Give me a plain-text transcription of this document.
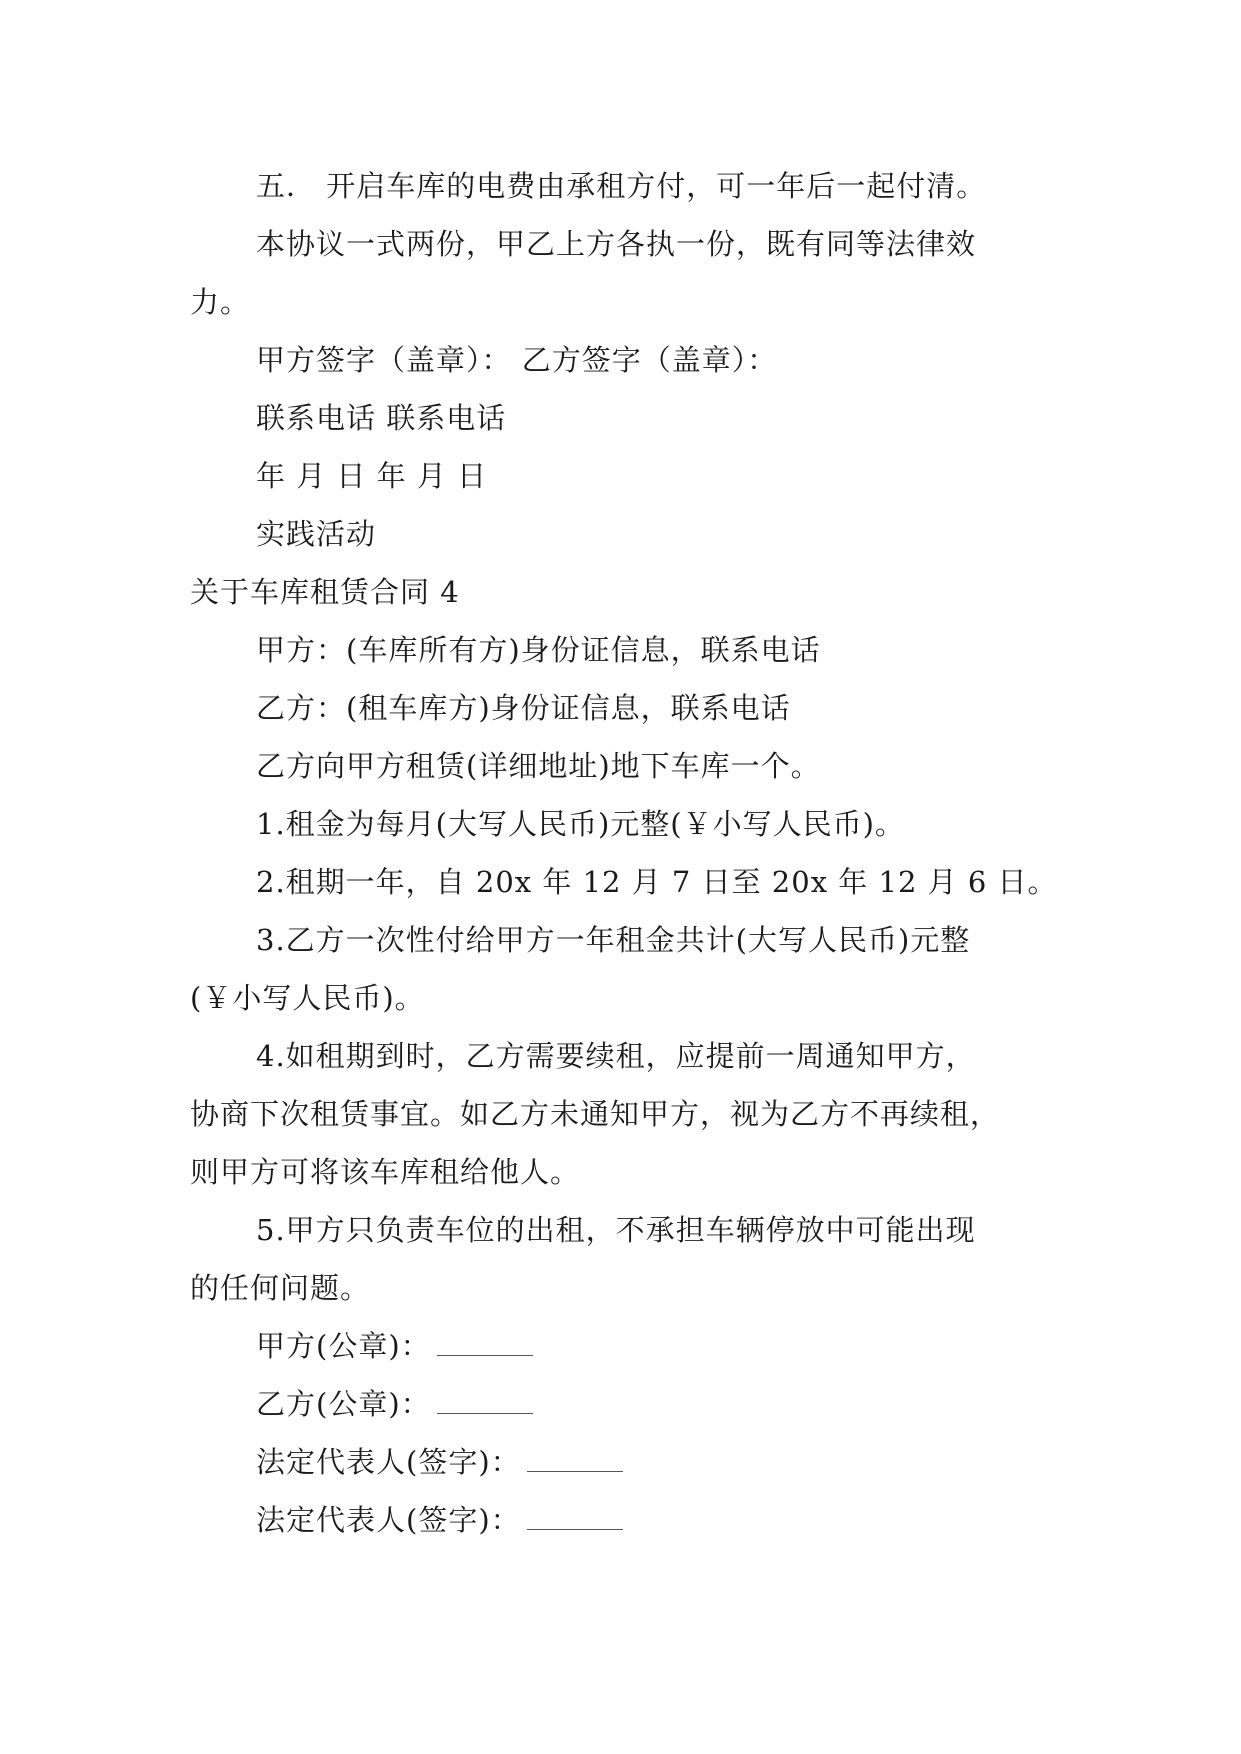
五． 开启车库的电费由承租方付，可一年后一起付清。
本协议一式两份，甲乙上方各执一份，既有同等法律效
力。
甲方签字（盖章）： 乙方签字（盖章）：
联系电话 联系电话
年 月 日 年 月 日
实践活动
关于车库租赁合同 4
甲方：(车库所有方)身份证信息，联系电话
乙方：(租车库方)身份证信息，联系电话
乙方向甲方租赁(详细地址)地下车库一个。
1.租金为每月(大写人民币)元整(￥小写人民币)。
2.租期一年，自 20x 年 12 月 7 日至 20x 年 12 月 6 日。
3.乙方一次性付给甲方一年租金共计(大写人民币)元整
(￥小写人民币)。
4.如租期到时，乙方需要续租，应提前一周通知甲方，
协商下次租赁事宜。如乙方未通知甲方，视为乙方不再续租，
则甲方可将该车库租给他人。
5.甲方只负责车位的出租，不承担车辆停放中可能出现
的任何问题。
甲方(公章)：
乙方(公章)：
法定代表人(签字)：
法定代表人(签字)：
